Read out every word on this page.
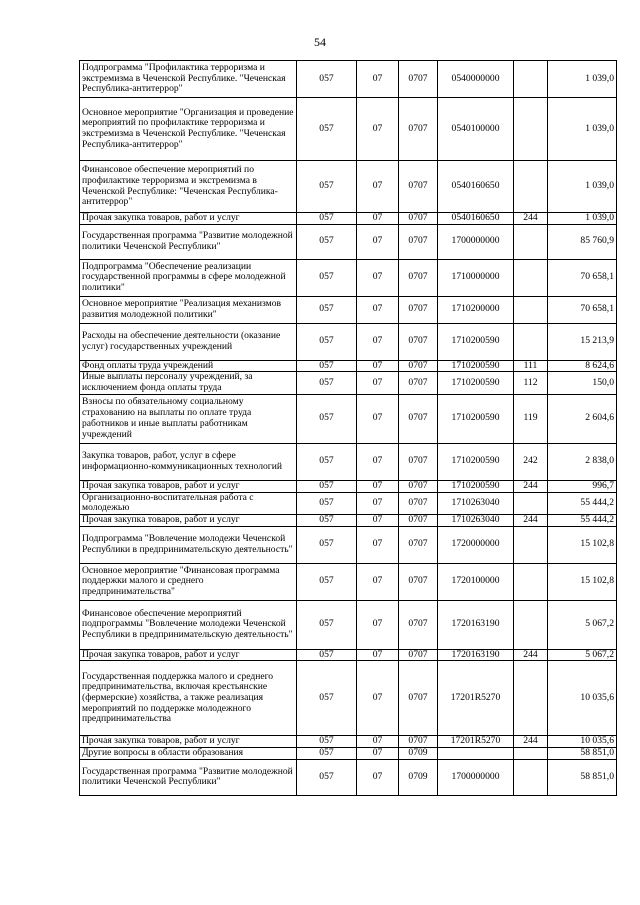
54
Подпрограмма "Профилактика терроризма и экстремизма в Чеченской Республике. "Чеченская Республика-антитеррор"	057	07	0707	0540000000		1 039,0
Основное мероприятие "Организация и проведение мероприятий по профилактике терроризма и экстремизма в Чеченской Республике. "Чеченская Республика-антитеррор"	057	07	0707	0540100000		1 039,0
Финансовое обеспечение мероприятий по профилактике терроризма и экстремизма в Чеченской Республике: "Чеченская Республика-антитеррор"	057	07	0707	0540160650		1 039,0
Прочая закупка товаров, работ и услуг	057	07	0707	0540160650	244	1 039,0
Государственная программа "Развитие молодежной политики Чеченской Республики"	057	07	0707	1700000000		85 760,9
Подпрограмма "Обеспечение реализации государственной программы в сфере молодежной политики"	057	07	0707	1710000000		70 658,1
Основное мероприятие "Реализация механизмов развития молодежной политики"	057	07	0707	1710200000		70 658,1
Расходы на обеспечение деятельности (оказание услуг) государственных учреждений	057	07	0707	1710200590		15 213,9
Фонд оплаты труда учреждений	057	07	0707	1710200590	111	8 624,6
Иные выплаты персоналу учреждений, за исключением фонда оплаты труда	057	07	0707	1710200590	112	150,0
Взносы по обязательному социальному страхованию на выплаты по оплате труда работников и иные выплаты работникам учреждений	057	07	0707	1710200590	119	2 604,6
Закупка товаров, работ, услуг в сфере информационно-коммуникационных технологий	057	07	0707	1710200590	242	2 838,0
Прочая закупка товаров, работ и услуг	057	07	0707	1710200590	244	996,7
Организационно-воспитательная работа с молодежью	057	07	0707	1710263040		55 444,2
Прочая закупка товаров, работ и услуг	057	07	0707	1710263040	244	55 444,2
Подпрограмма "Вовлечение молодежи Чеченской Республики в предпринимательскую деятельность"	057	07	0707	1720000000		15 102,8
Основное мероприятие "Финансовая программа поддержки малого и среднего предпринимательства"	057	07	0707	1720100000		15 102,8
Финансовое обеспечение мероприятий подпрограммы "Вовлечение молодежи Чеченской Республики в предпринимательскую деятельность"	057	07	0707	1720163190		5 067,2
Прочая закупка товаров, работ и услуг	057	07	0707	1720163190	244	5 067,2
Государственная поддержка малого и среднего предпринимательства, включая крестьянские (фермерские) хозяйства, а также реализация мероприятий по поддержке молодежного предпринимательства	057	07	0707	17201R5270		10 035,6
Прочая закупка товаров, работ и услуг	057	07	0707	17201R5270	244	10 035,6
Другие вопросы в области образования	057	07	0709			58 851,0
Государственная программа "Развитие молодежной политики Чеченской Республики"	057	07	0709	1700000000		58 851,0
